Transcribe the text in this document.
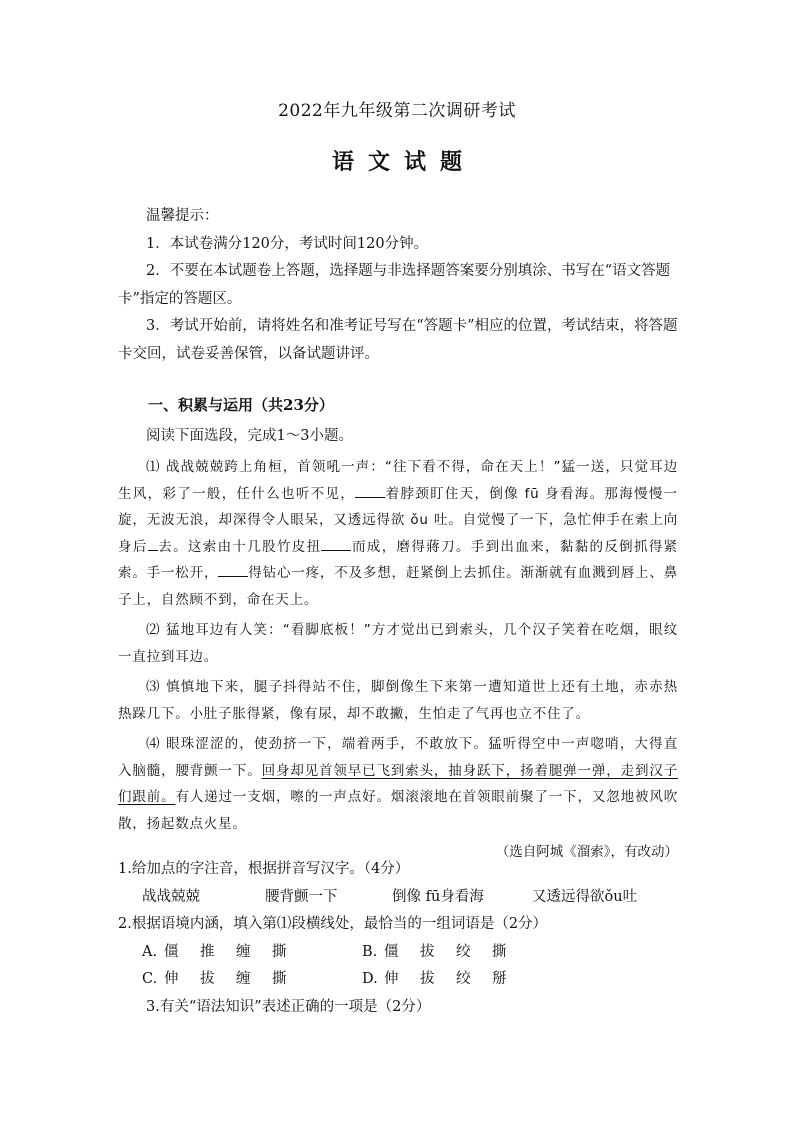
2022年九年级第二次调研考试
语文试题
温馨提示：
1．本试卷满分120分，考试时间120分钟。
2．不要在本试题卷上答题，选择题与非选择题答案要分别填涂、书写在“语文答题卡”指定的答题区。
3．考试开始前，请将姓名和准考证号写在“答题卡”相应的位置，考试结束，将答题卡交回，试卷妥善保管，以备试题讲评。
一、积累与运用（共23分）
阅读下面选段，完成1～3小题。
⑴ 战战兢兢跨上角桓，首领吼一声：“往下看不得，命在天上！”猛一送，只觉耳边生风，彩了一般，任什么也听不见， 着脖颈盯住天，倒像 fū 身看海。那海慢慢一旋，无波无浪，却深得令人眼呆，又透远得欲 ǒu 吐。自觉慢了一下，急忙伸手在索上向身后 去。这索由十几股竹皮扭 而成，磨得蔣刀。手到出血来，黏黏的反倒抓得紧索。手一松开， 得钻心一疼，不及多想，赶紧倒上去抓住。渐渐就有血溅到唇上、鼻子上，自然顾不到，命在天上。
⑵ 猛地耳边有人笑：“看脚底板！”方才觉出已到索头，几个汉子笑着在吃烟，眼纹一直拉到耳边。
⑶ 慎慎地下来，腿子抖得站不住，脚倒像生下来第一遭知道世上还有土地，赤赤热热跺几下。小肚子胀得紧，像有尿，却不敢撇，生怕走了气再也立不住了。
⑷ 眼珠涩涩的，使劲挤一下，端着两手，不敢放下。猛听得空中一声唿哨，大得直入脑髓，腰背颤一下。回身却见首领早已飞到索头，抽身跃下，扬着腿弹一弹，走到汉子们跟前。有人递过一支烟，嚓的一声点好。烟滚滚地在首领眼前聚了一下，又忽地被风吹散，扬起数点火星。
（选自阿城《溜索》，有改动）
1.给加点的字注音，根据拼音写汉字。（4分）
战战兢兢	腰背颤一下	倒像 fū身看海	又透远得欲ǒu吐
2.根据语境内涵，填入第⑴段横线处，最恰当的一组词语是（2分）
A. 僵 推 缠 撕	B. 僵 拔 绞 撕
C. 伸 拔 缠 撕	D. 伸 拔 绞 掰
3.有关“语法知识”表述正确的一项是（2分）
